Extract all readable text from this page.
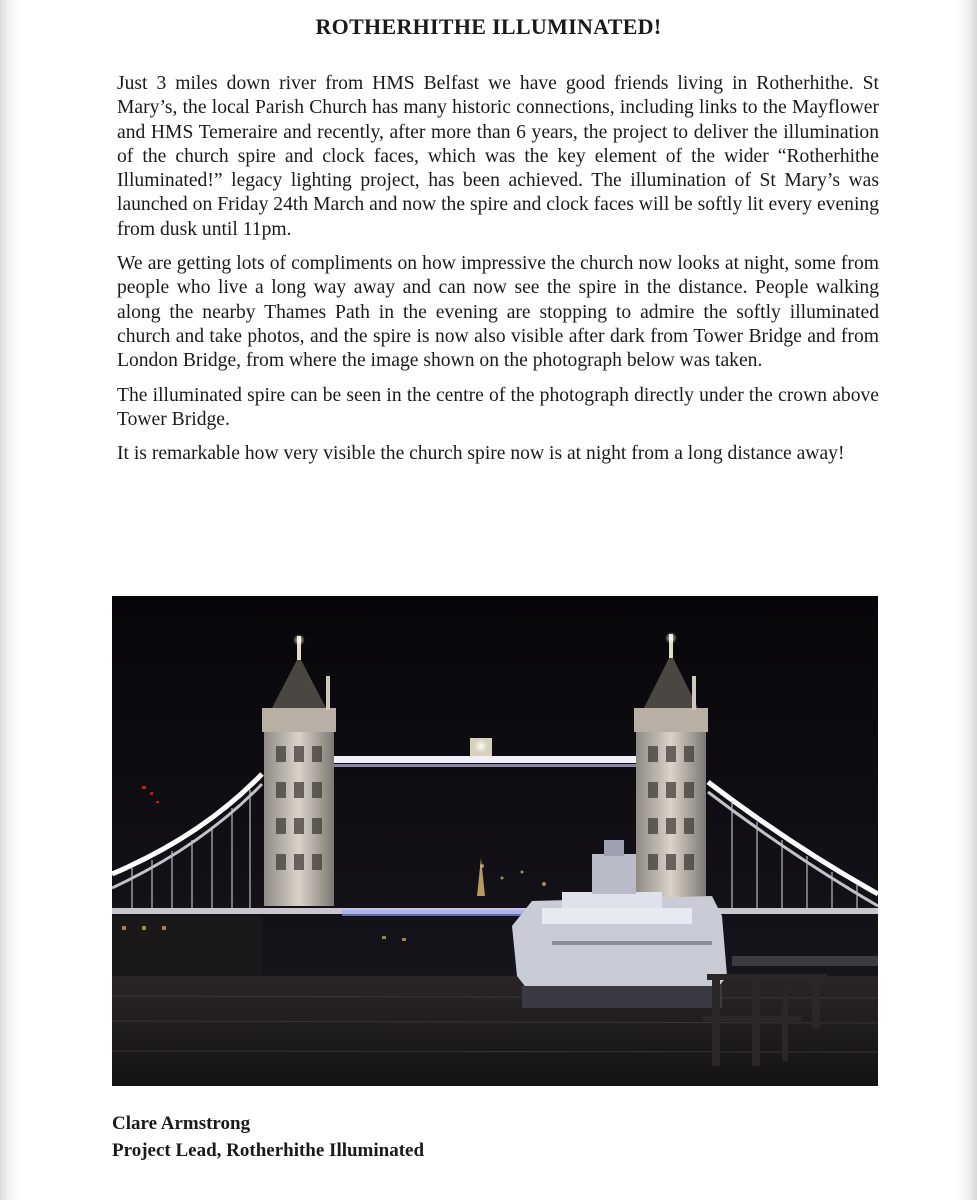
ROTHERHITHE ILLUMINATED!

Just 3 miles down river from HMS Belfast we have good friends living in Rotherhithe. St Mary’s, the local Parish Church has many historic connections, including links to the Mayflower and HMS Temeraire and recently, after more than 6 years, the project to deliver the illumination of the church spire and clock faces, which was the key element of the wider “Rotherhithe Illuminated!” legacy lighting project, has been achieved. The illumination of St Mary’s was launched on Friday 24th March and now the spire and clock faces will be softly lit every evening from dusk until 11pm.

We are getting lots of compliments on how impressive the church now looks at night, some from people who live a long way away and can now see the spire in the distance. People walking along the nearby Thames Path in the evening are stopping to admire the softly illuminated church and take photos, and the spire is now also visible after dark from Tower Bridge and from London Bridge, from where the image shown on the photograph below was taken.

The illuminated spire can be seen in the centre of the photograph directly under the crown above Tower Bridge.

It is remarkable how very visible the church spire now is at night from a long distance away!

Clare Armstrong
Project Lead, Rotherhithe Illuminated
